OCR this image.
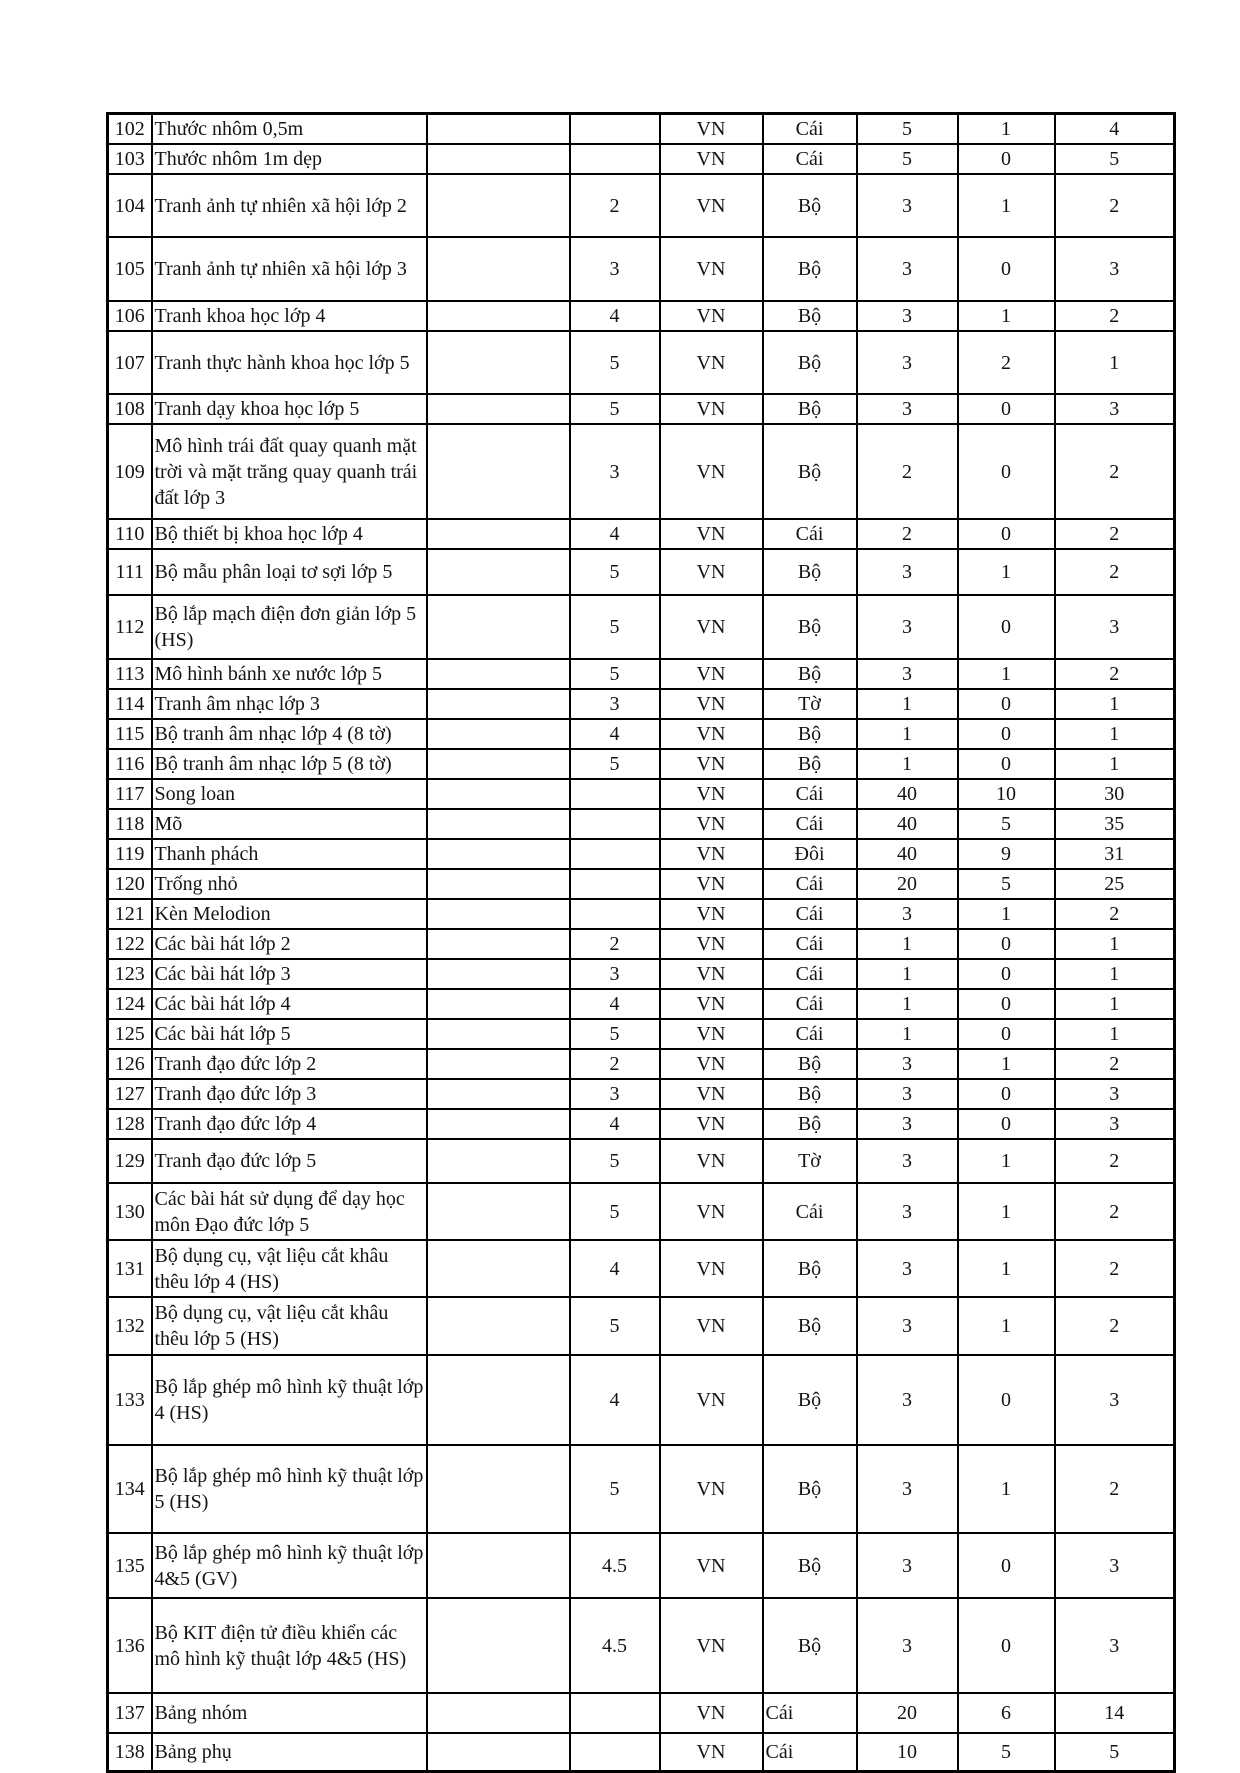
102	Thước nhôm 0,5m			VN	Cái	5	1	4
103	Thước nhôm 1m dẹp			VN	Cái	5	0	5
104	Tranh ảnh tự nhiên xã hội lớp 2		2	VN	Bộ	3	1	2
105	Tranh ảnh tự nhiên xã hội lớp 3		3	VN	Bộ	3	0	3
106	Tranh khoa học lớp 4		4	VN	Bộ	3	1	2
107	Tranh thực hành khoa học lớp 5		5	VN	Bộ	3	2	1
108	Tranh dạy khoa học lớp 5		5	VN	Bộ	3	0	3
109	Mô hình trái đất quay quanh mặt trời và mặt trăng quay quanh trái đất lớp 3		3	VN	Bộ	2	0	2
110	Bộ thiết bị khoa học lớp 4		4	VN	Cái	2	0	2
111	Bộ mẫu phân loại tơ sợi lớp 5		5	VN	Bộ	3	1	2
112	Bộ lắp mạch điện đơn giản lớp 5 (HS)		5	VN	Bộ	3	0	3
113	Mô hình bánh xe nước lớp 5		5	VN	Bộ	3	1	2
114	Tranh âm nhạc lớp 3		3	VN	Tờ	1	0	1
115	Bộ tranh âm nhạc lớp 4 (8 tờ)		4	VN	Bộ	1	0	1
116	Bộ tranh âm nhạc lớp 5 (8 tờ)		5	VN	Bộ	1	0	1
117	Song loan			VN	Cái	40	10	30
118	Mõ			VN	Cái	40	5	35
119	Thanh phách			VN	Đôi	40	9	31
120	Trống nhỏ			VN	Cái	20	5	25
121	Kèn Melodion			VN	Cái	3	1	2
122	Các bài hát lớp 2		2	VN	Cái	1	0	1
123	Các bài hát lớp 3		3	VN	Cái	1	0	1
124	Các bài hát lớp 4		4	VN	Cái	1	0	1
125	Các bài hát lớp 5		5	VN	Cái	1	0	1
126	Tranh đạo đức lớp 2		2	VN	Bộ	3	1	2
127	Tranh đạo đức lớp 3		3	VN	Bộ	3	0	3
128	Tranh đạo đức lớp 4		4	VN	Bộ	3	0	3
129	Tranh đạo đức lớp 5		5	VN	Tờ	3	1	2
130	Các bài hát sử dụng để dạy học môn Đạo đức lớp 5		5	VN	Cái	3	1	2
131	Bộ dụng cụ, vật liệu cắt khâu thêu lớp 4 (HS)		4	VN	Bộ	3	1	2
132	Bộ dụng cụ, vật liệu cắt khâu thêu lớp 5 (HS)		5	VN	Bộ	3	1	2
133	Bộ lắp ghép mô hình kỹ thuật lớp 4 (HS)		4	VN	Bộ	3	0	3
134	Bộ lắp ghép mô hình kỹ thuật lớp 5 (HS)		5	VN	Bộ	3	1	2
135	Bộ lắp ghép mô hình kỹ thuật lớp 4&5 (GV)		4.5	VN	Bộ	3	0	3
136	Bộ KIT điện tử điều khiển các mô hình kỹ thuật lớp 4&5 (HS)		4.5	VN	Bộ	3	0	3
137	Bảng nhóm			VN	Cái	20	6	14
138	Bảng phụ			VN	Cái	10	5	5
